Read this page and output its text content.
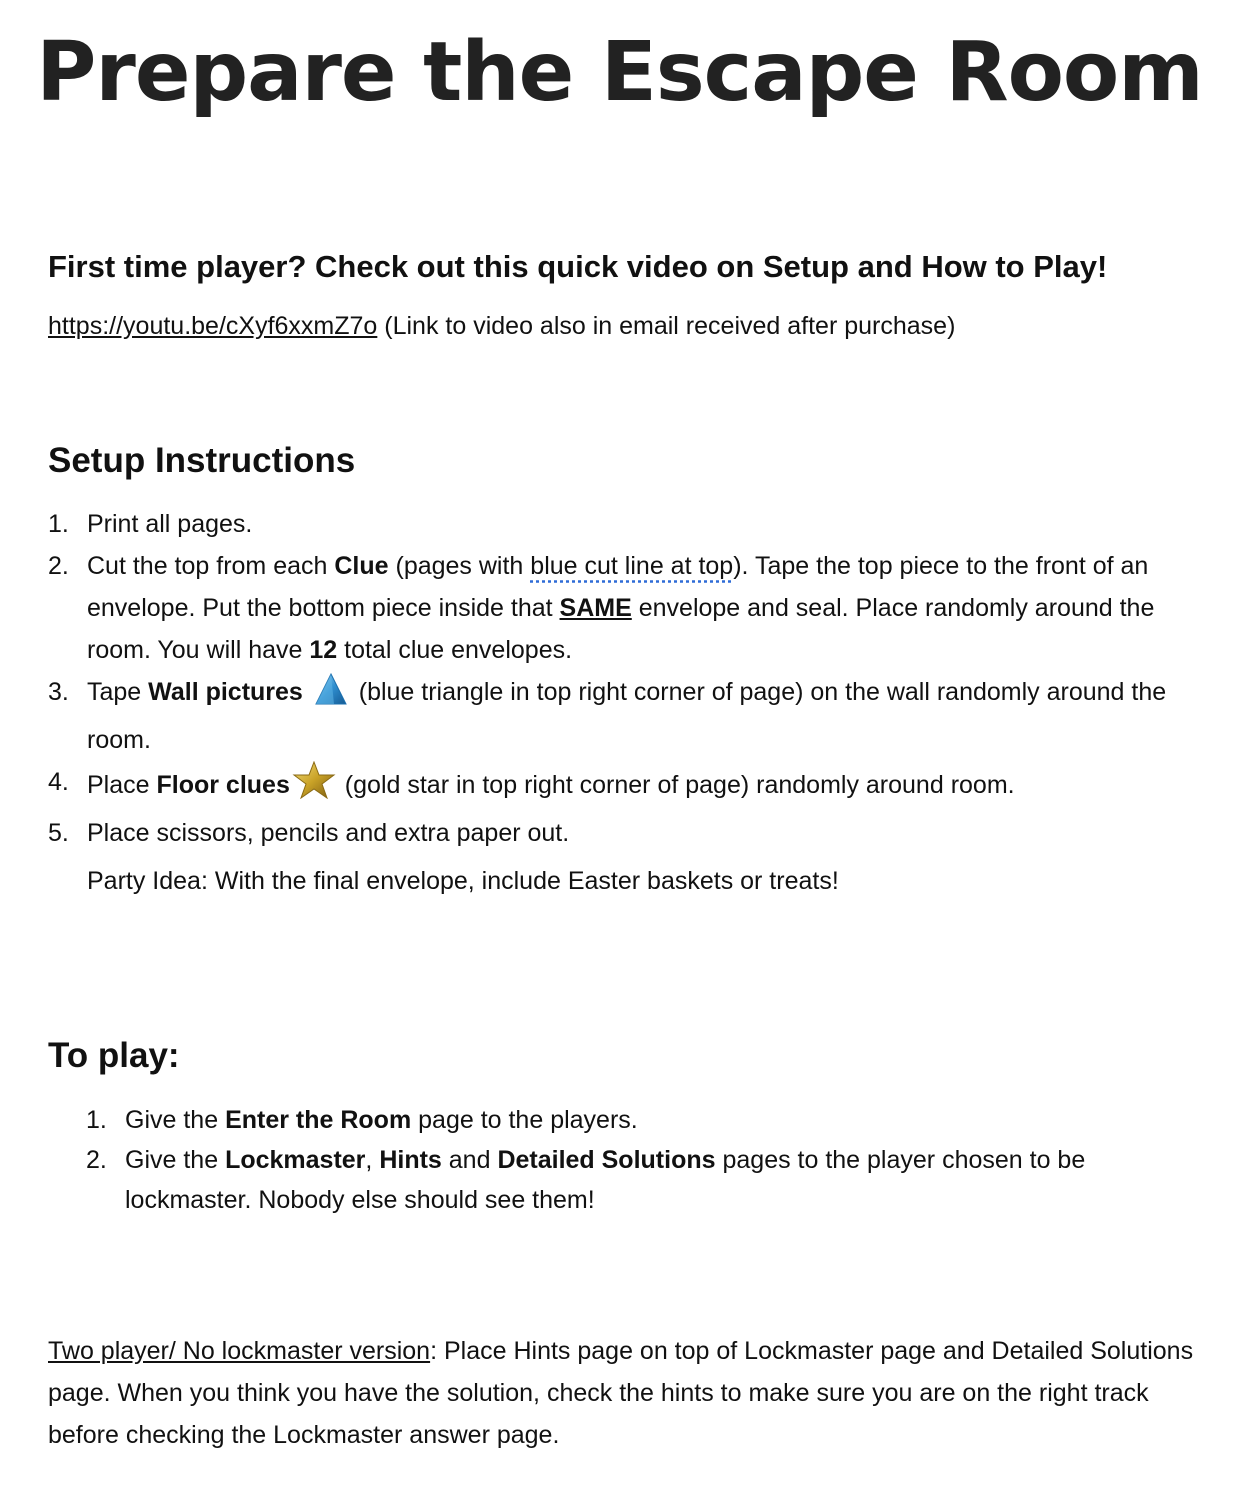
Prepare the Escape Room
First time player? Check out this quick video on Setup and How to Play!
https://youtu.be/cXyf6xxmZ7o (Link to video also in email received after purchase)
Setup Instructions
1. Print all pages.
2. Cut the top from each Clue (pages with blue cut line at top). Tape the top piece to the front of an envelope. Put the bottom piece inside that SAME envelope and seal. Place randomly around the room. You will have 12 total clue envelopes.
3. Tape Wall pictures  (blue triangle in top right corner of page) on the wall randomly around the room.
4. Place Floor clues (gold star in top right corner of page) randomly around room.
5. Place scissors, pencils and extra paper out.
Party Idea: With the final envelope, include Easter baskets or treats!
To play:
1. Give the Enter the Room page to the players.
2. Give the Lockmaster, Hints and Detailed Solutions pages to the player chosen to be lockmaster. Nobody else should see them!
Two player/ No lockmaster version: Place Hints page on top of Lockmaster page and Detailed Solutions page. When you think you have the solution, check the hints to make sure you are on the right track before checking the Lockmaster answer page.
